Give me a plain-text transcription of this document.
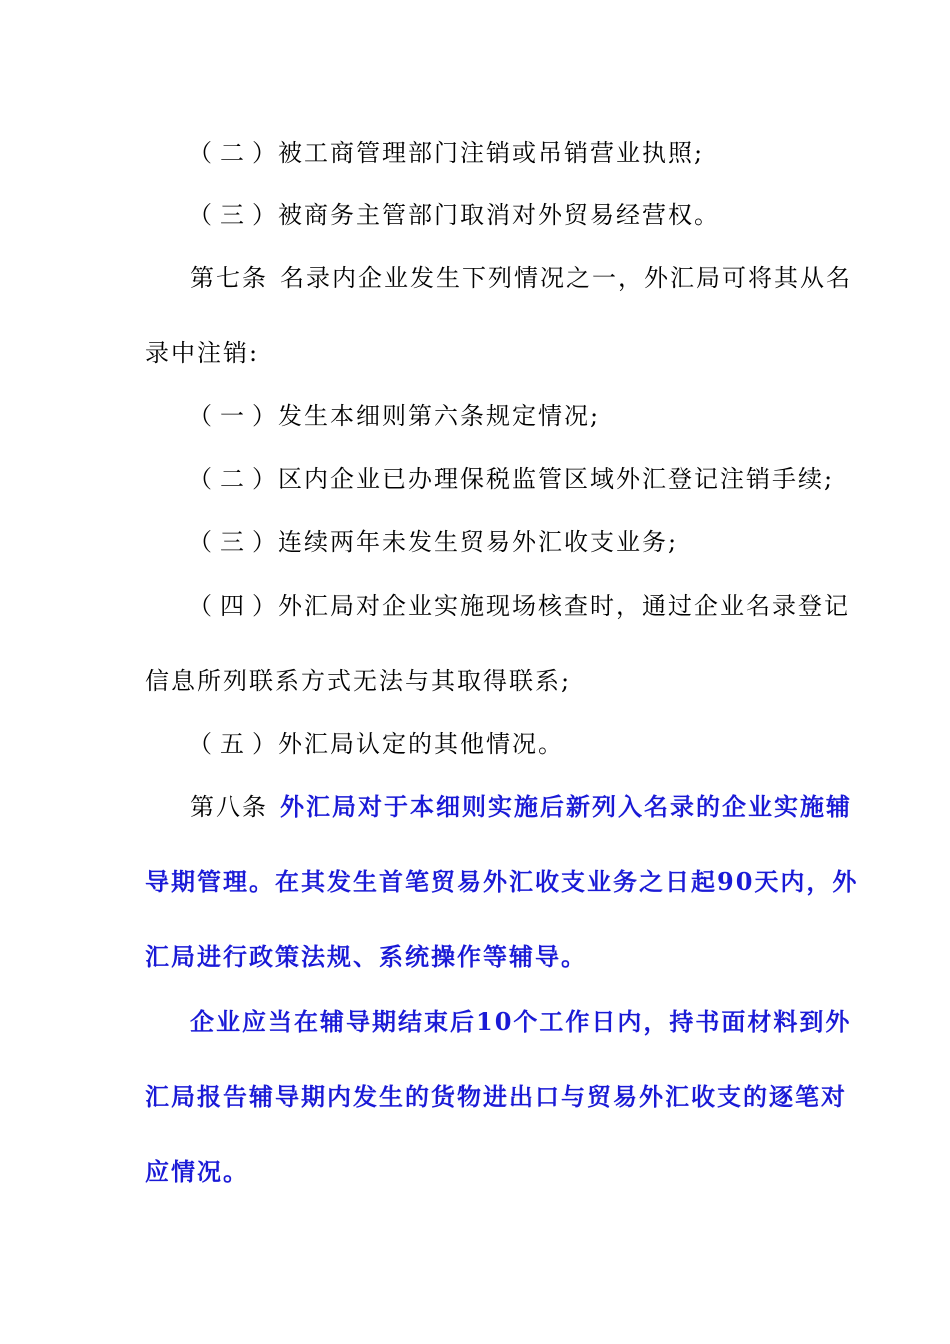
（二）被工商管理部门注销或吊销营业执照;
（三）被商务主管部门取消对外贸易经营权。
第七条 名录内企业发生下列情况之一，外汇局可将其从名
录中注销:
（一）发生本细则第六条规定情况;
（二）区内企业已办理保税监管区域外汇登记注销手续;
（三）连续两年未发生贸易外汇收支业务;
（四）外汇局对企业实施现场核查时，通过企业名录登记
信息所列联系方式无法与其取得联系;
（五）外汇局认定的其他情况。
第八条 外汇局对于本细则实施后新列入名录的企业实施辅
导期管理。在其发生首笔贸易外汇收支业务之日起90天内，外
汇局进行政策法规、系统操作等辅导。
企业应当在辅导期结束后10个工作日内，持书面材料到外
汇局报告辅导期内发生的货物进出口与贸易外汇收支的逐笔对
应情况。
